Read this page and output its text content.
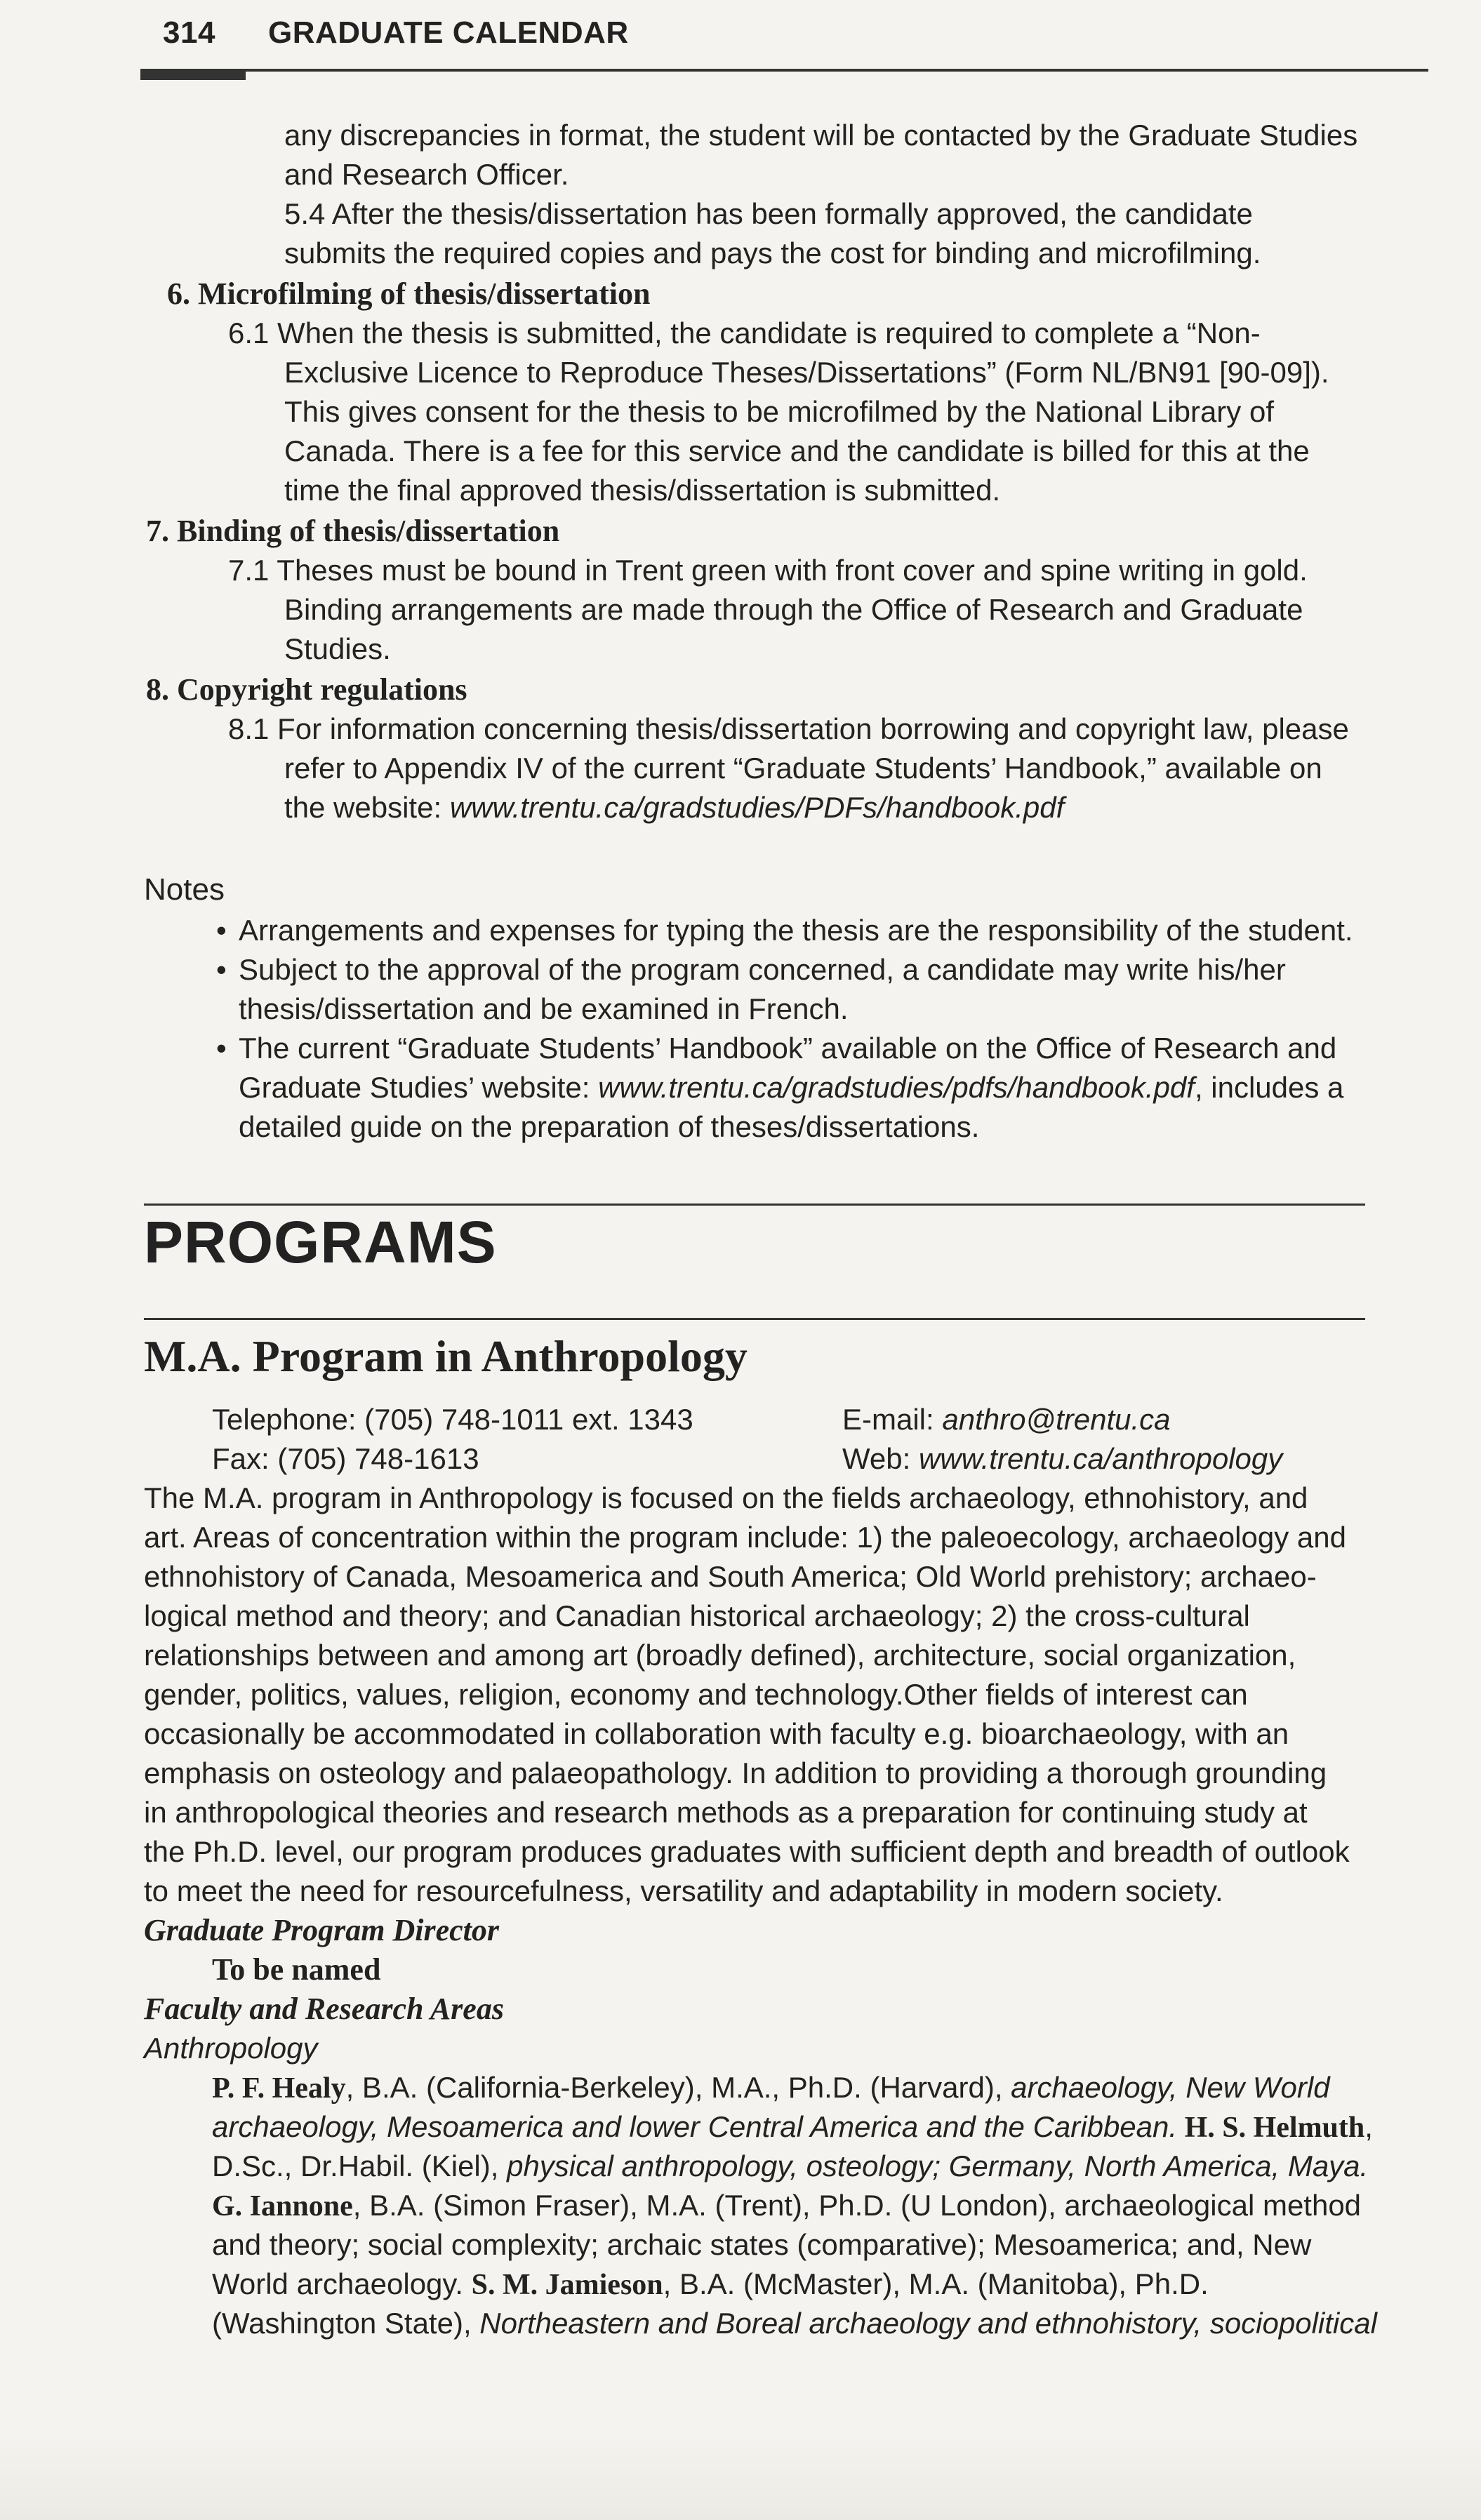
314 GRADUATE CALENDAR
any discrepancies in format, the student will be contacted by the Graduate Studies
and Research Officer.
5.4 After the thesis/dissertation has been formally approved, the candidate
submits the required copies and pays the cost for binding and microfilming.
6. Microfilming of thesis/dissertation
6.1 When the thesis is submitted, the candidate is required to complete a “Non-
Exclusive Licence to Reproduce Theses/Dissertations” (Form NL/BN91 [90-09]).
This gives consent for the thesis to be microfilmed by the National Library of
Canada. There is a fee for this service and the candidate is billed for this at the
time the final approved thesis/dissertation is submitted.
7. Binding of thesis/dissertation
7.1 Theses must be bound in Trent green with front cover and spine writing in gold.
Binding arrangements are made through the Office of Research and Graduate
Studies.
8. Copyright regulations
8.1 For information concerning thesis/dissertation borrowing and copyright law, please
refer to Appendix IV of the current “Graduate Students’ Handbook,” available on
the website: www.trentu.ca/gradstudies/PDFs/handbook.pdf
Notes
• Arrangements and expenses for typing the thesis are the responsibility of the student.
• Subject to the approval of the program concerned, a candidate may write his/her
thesis/dissertation and be examined in French.
• The current “Graduate Students’ Handbook” available on the Office of Research and
Graduate Studies’ website: www.trentu.ca/gradstudies/pdfs/handbook.pdf, includes a
detailed guide on the preparation of theses/dissertations.
PROGRAMS
M.A. Program in Anthropology
Telephone: (705) 748-1011 ext. 1343	E-mail: anthro@trentu.ca
Fax: (705) 748-1613	Web: www.trentu.ca/anthropology
The M.A. program in Anthropology is focused on the fields archaeology, ethnohistory, and
art. Areas of concentration within the program include: 1) the paleoecology, archaeology and
ethnohistory of Canada, Mesoamerica and South America; Old World prehistory; archaeo-
logical method and theory; and Canadian historical archaeology; 2) the cross-cultural
relationships between and among art (broadly defined), architecture, social organization,
gender, politics, values, religion, economy and technology.Other fields of interest can
occasionally be accommodated in collaboration with faculty e.g. bioarchaeology, with an
emphasis on osteology and palaeopathology. In addition to providing a thorough grounding
in anthropological theories and research methods as a preparation for continuing study at
the Ph.D. level, our program produces graduates with sufficient depth and breadth of outlook
to meet the need for resourcefulness, versatility and adaptability in modern society.
Graduate Program Director
To be named
Faculty and Research Areas
Anthropology
P. F. Healy, B.A. (California-Berkeley), M.A., Ph.D. (Harvard), archaeology, New World
archaeology, Mesoamerica and lower Central America and the Caribbean. H. S. Helmuth,
D.Sc., Dr.Habil. (Kiel), physical anthropology, osteology; Germany, North America, Maya.
G. Iannone, B.A. (Simon Fraser), M.A. (Trent), Ph.D. (U London), archaeological method
and theory; social complexity; archaic states (comparative); Mesoamerica; and, New
World archaeology. S. M. Jamieson, B.A. (McMaster), M.A. (Manitoba), Ph.D.
(Washington State), Northeastern and Boreal archaeology and ethnohistory, sociopolitical
